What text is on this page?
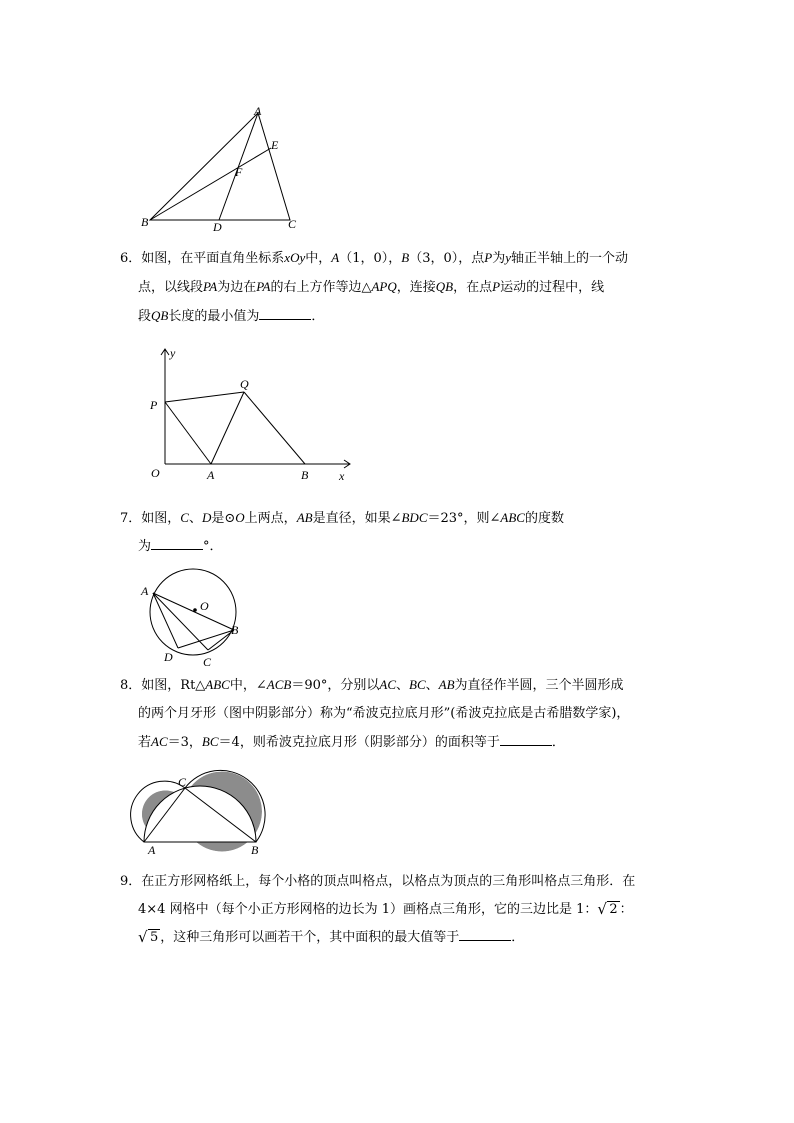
A
E
F
B	D	C
6．如图，在平面直角坐标系xOy中，A（1，0），B（3，0），点P为y轴正半轴上的一个动
点，以线段PA为边在PA的右上方作等边△APQ，连接QB，在点P运动的过程中，线
段QB长度的最小值为	．
y
Q
P
O	A	B	x
7．如图，C、D是⊙O上两点，AB是直径，如果∠BDC＝23°，则∠ABC的度数
为	°．
A
O
B
D	C
8．如图，Rt△ABC中，∠ACB＝90°，分别以AC、BC、AB为直径作半圆，三个半圆形成
的两个月牙形（图中阴影部分）称为“希波克拉底月形”(希波克拉底是古希腊数学家)，
若AC＝3，BC＝4，则希波克拉底月形（阴影部分）的面积等于	．
C
A	B
9．在正方形网格纸上，每个小格的顶点叫格点，以格点为顶点的三角形叫格点三角形．在
4×4 网格中（每个小正方形网格的边长为 1）画格点三角形，它的三边比是 1：√ 2 ：
√ 5 ，这种三角形可以画若干个，其中面积的最大值等于	．
